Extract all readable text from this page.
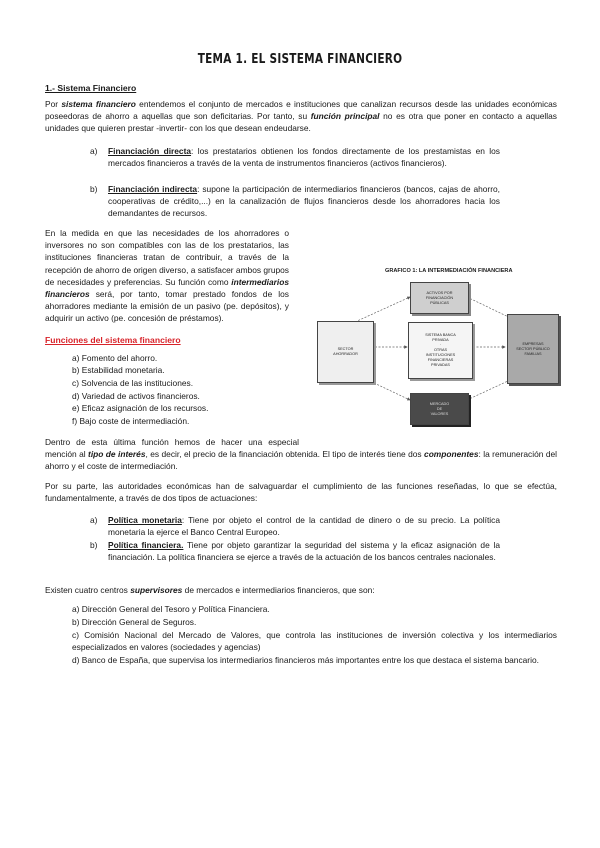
TEMA 1. EL SISTEMA FINANCIERO
1.- Sistema Financiero
Por sistema financiero entendemos el conjunto de mercados e instituciones que canalizan recursos desde las unidades económicas poseedoras de ahorro a aquellas que son deficitarias. Por tanto, su función principal no es otra que poner en contacto a aquellas unidades que quieren prestar -invertir- con los que desean endeudarse.
a) Financiación directa: los prestatarios obtienen los fondos directamente de los prestamistas en los mercados financieros a través de la venta de instrumentos financieros (activos financieros).
b) Financiación indirecta: supone la participación de intermediarios financieros (bancos, cajas de ahorro, cooperativas de crédito,...) en la canalización de flujos financieros desde los ahorradores hacia los demandantes de recursos.
En la medida en que las necesidades de los ahorradores o inversores no son compatibles con las de los prestatarios, las instituciones financieras tratan de contribuir, a través de la recepción de ahorro de origen diverso, a satisfacer ambos grupos de necesidades y preferencias. Su función como intermediarios financieros será, por tanto, tomar prestado fondos de los ahorradores mediante la emisión de un pasivo (pe. depósitos), y adquirir un activo (pe. concesión de préstamos).
Funciones del sistema financiero
a) Fomento del ahorro.
b) Estabilidad monetaria.
c) Solvencia de las instituciones.
d) Variedad de activos financieros.
e) Eficaz asignación de los recursos.
f) Bajo coste de intermediación.
Dentro de esta última función hemos de hacer una especial mención al tipo de interés, es decir, el precio de la financiación obtenida. El tipo de interés tiene dos componentes: la remuneración del ahorro y el coste de intermediación.
Por su parte, las autoridades económicas han de salvaguardar el cumplimiento de las funciones reseñadas, lo que se efectúa, fundamentalmente, a través de dos tipos de actuaciones:
a) Política monetaria: Tiene por objeto el control de la cantidad de dinero o de su precio. La política monetaria la ejerce el Banco Central Europeo.
b) Política financiera. Tiene por objeto garantizar la seguridad del sistema y la eficaz asignación de la financiación. La política financiera se ejerce a través de la actuación de los bancos centrales nacionales.
Existen cuatro centros supervisores de mercados e intermediarios financieros, que son:
a) Dirección General del Tesoro y Política Financiera.
b) Dirección General de Seguros.
c) Comisión Nacional del Mercado de Valores, que controla las instituciones de inversión colectiva y los intermediarios especializados en valores (sociedades y agencias)
d) Banco de España, que supervisa los intermediarios financieros más importantes entre los que destaca el sistema bancario.
GRAFICO 1: LA INTERMEDIACIÓN FINANCIERA
SECTOR
AHORRADOR
ACTIVOS POR
FINANCIACIÓN
PÚBLICAS
SISTEMA BANCA
PRIVADA
·
OTRAS
INSTITUCIONES
FINANCIERAS
PRIVADAS
MERCADO
DE
VALORES
EMPRESAS
SECTOR PÚBLICO
FAMILIAS
